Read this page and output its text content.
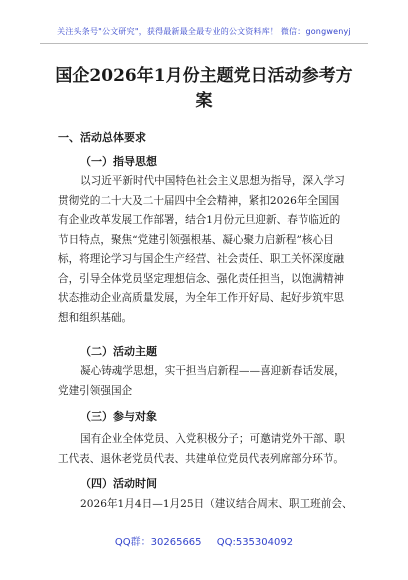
关注头条号"公文研究"，获得最新最全最专业的公文资料库！ 微信：gongwenyj
国企2026年1月份主题党日活动参考方
案
一、活动总体要求
（一）指导思想
以习近平新时代中国特色社会主义思想为指导，深入学习
贯彻党的二十大及二十届四中全会精神，紧扣2026年全国国
有企业改革发展工作部署，结合1月份元旦迎新、春节临近的
节日特点，聚焦“党建引领强根基、凝心聚力启新程”核心目
标，将理论学习与国企生产经营、社会责任、职工关怀深度融
合，引导全体党员坚定理想信念、强化责任担当，以饱满精神
状态推动企业高质量发展，为全年工作开好局、起好步筑牢思
想和组织基础。
（二）活动主题
凝心铸魂学思想，实干担当启新程——喜迎新春话发展，
党建引领强国企
（三）参与对象
国有企业全体党员、入党积极分子；可邀请党外干部、职
工代表、退休老党员代表、共建单位党员代表列席部分环节。
（四）活动时间
2026年1月4日—1月25日（建议结合周末、职工班前会、
QQ群：30265665 QQ:535304092
